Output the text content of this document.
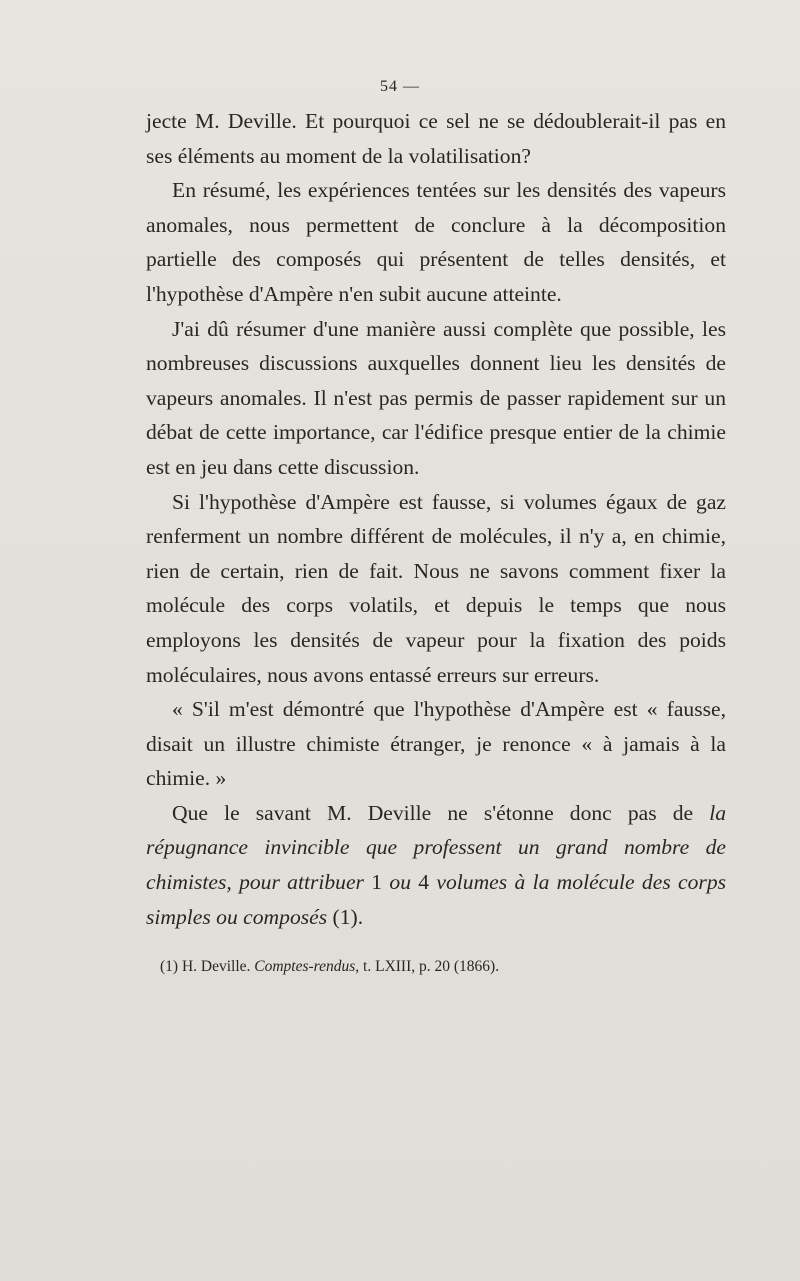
54 —

jecte M. Deville. Et pourquoi ce sel ne se dédoublerait-il pas en ses éléments au moment de la volatilisation?

En résumé, les expériences tentées sur les densités des vapeurs anomales, nous permettent de conclure à la décomposition partielle des composés qui présentent de telles densités, et l'hypothèse d'Ampère n'en subit aucune atteinte.

J'ai dû résumer d'une manière aussi complète que possible, les nombreuses discussions auxquelles donnent lieu les densités de vapeurs anomales. Il n'est pas permis de passer rapidement sur un débat de cette importance, car l'édifice presque entier de la chimie est en jeu dans cette discussion.

Si l'hypothèse d'Ampère est fausse, si volumes égaux de gaz renferment un nombre différent de molécules, il n'y a, en chimie, rien de certain, rien de fait. Nous ne savons comment fixer la molécule des corps volatils, et depuis le temps que nous employons les densités de vapeur pour la fixation des poids moléculaires, nous avons entassé erreurs sur erreurs.

« S'il m'est démontré que l'hypothèse d'Ampère est « fausse, disait un illustre chimiste étranger, je renonce « à jamais à la chimie. »

Que le savant M. Deville ne s'étonne donc pas de la répugnance invincible que professent un grand nombre de chimistes, pour attribuer 1 ou 4 volumes à la molécule des corps simples ou composés (1).

(1) H. Deville. Comptes-rendus, t. LXIII, p. 20 (1866).
